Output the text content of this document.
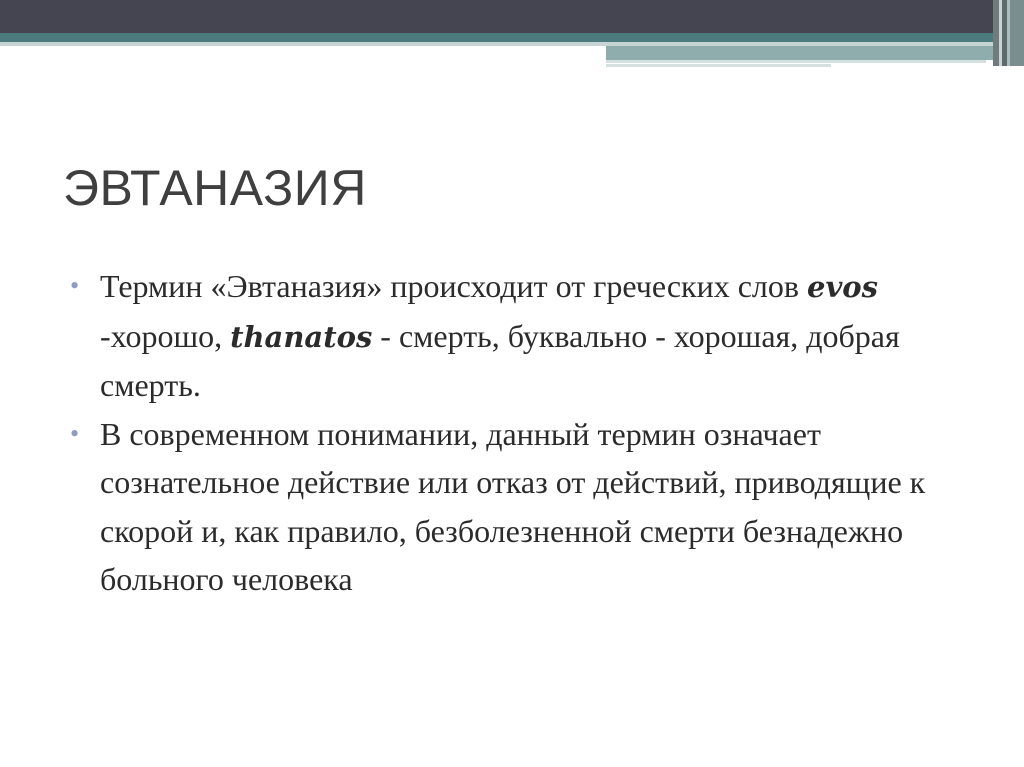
ЭВТАНАЗИЯ
• Термин «Эвтаназия» происходит от греческих слов evos -хорошо, thanatos - смерть, буквально - хорошая, добрая смерть.
• В современном понимании, данный термин означает сознательное действие или отказ от действий, приводящие к скорой и, как правило, безболезненной смерти безнадежно больного человека
